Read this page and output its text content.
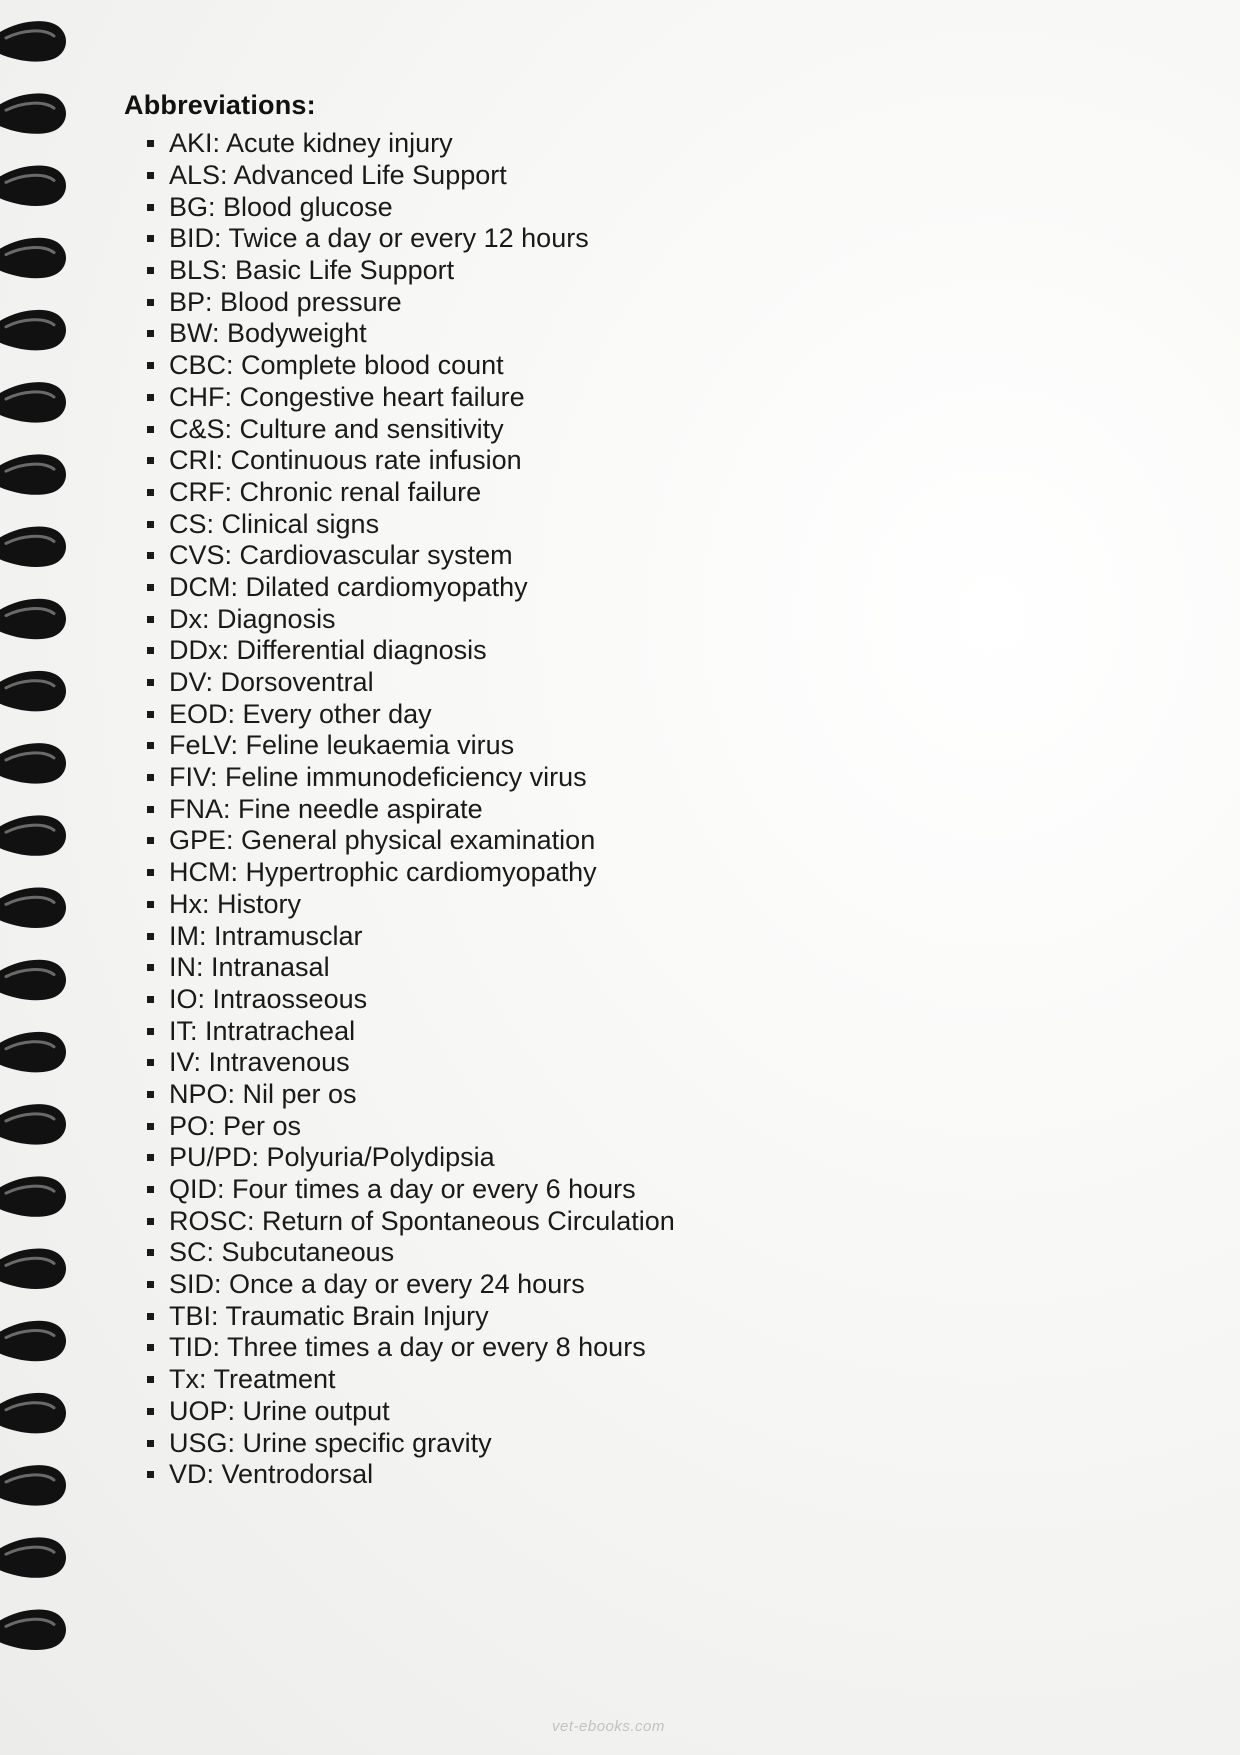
Abbreviations:
AKI: Acute kidney injury
ALS: Advanced Life Support
BG: Blood glucose
BID: Twice a day or every 12 hours
BLS: Basic Life Support
BP: Blood pressure
BW: Bodyweight
CBC: Complete blood count
CHF: Congestive heart failure
C&S: Culture and sensitivity
CRI: Continuous rate infusion
CRF: Chronic renal failure
CS: Clinical signs
CVS: Cardiovascular system
DCM: Dilated cardiomyopathy
Dx: Diagnosis
DDx: Differential diagnosis
DV: Dorsoventral
EOD: Every other day
FeLV: Feline leukaemia virus
FIV: Feline immunodeficiency virus
FNA: Fine needle aspirate
GPE: General physical examination
HCM: Hypertrophic cardiomyopathy
Hx: History
IM: Intramusclar
IN: Intranasal
IO: Intraosseous
IT: Intratracheal
IV: Intravenous
NPO: Nil per os
PO: Per os
PU/PD: Polyuria/Polydipsia
QID: Four times a day or every 6 hours
ROSC: Return of Spontaneous Circulation
SC: Subcutaneous
SID: Once a day or every 24 hours
TBI: Traumatic Brain Injury
TID: Three times a day or every 8 hours
Tx: Treatment
UOP: Urine output
USG: Urine specific gravity
VD: Ventrodorsal
vet-ebooks.com
